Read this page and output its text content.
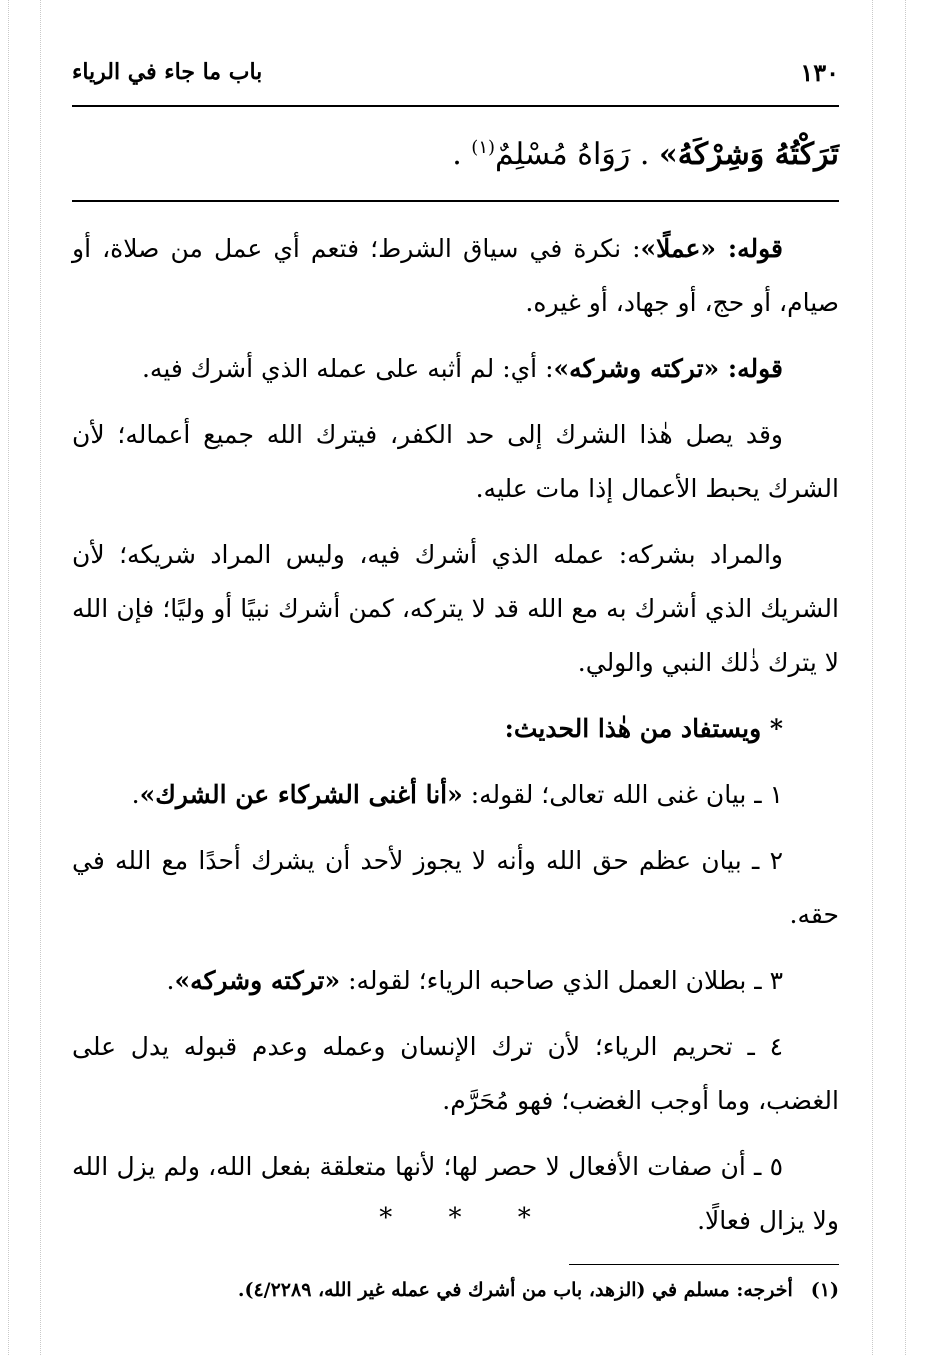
١٣٠
باب ما جاء في الرياء
تَرَكْتُهُ وَشِرْكَهُ» . رَوَاهُ مُسْلِمٌ$^{(١)}$ .

قوله: «عملًا»: نكرة في سياق الشرط؛ فتعم أي عمل من صلاة، أو صيام، أو حج، أو جهاد، أو غيره.

قوله: «تركته وشركه»: أي: لم أثبه على عمله الذي أشرك فيه.

وقد يصل هٰذا الشرك إلى حد الكفر، فيترك الله جميع أعماله؛ لأن الشرك يحبط الأعمال إذا مات عليه.

والمراد بشركه: عمله الذي أشرك فيه، وليس المراد شريكه؛ لأن الشريك الذي أشرك به مع الله قد لا يتركه، كمن أشرك نبيًا أو وليًا؛ فإن الله لا يترك ذٰلك النبي والولي.

* ويستفاد من هٰذا الحديث:

١ ـ بيان غنى الله تعالى؛ لقوله: «أنا أغنى الشركاء عن الشرك».

٢ ـ بيان عظم حق الله وأنه لا يجوز لأحد أن يشرك أحدًا مع الله في حقه.

٣ ـ بطلان العمل الذي صاحبه الرياء؛ لقوله: «تركته وشركه».

٤ ـ تحريم الرياء؛ لأن ترك الإنسان وعمله وعدم قبوله يدل على الغضب، وما أوجب الغضب؛ فهو مُحَرَّم.

٥ ـ أن صفات الأفعال لا حصر لها؛ لأنها متعلقة بفعل الله، ولم يزل الله ولا يزال فعالًا.

* * *
(١)أخرجه: مسلم في (الزهد، باب من أشرك في عمله غير الله، ٤/٢٢٨٩).
